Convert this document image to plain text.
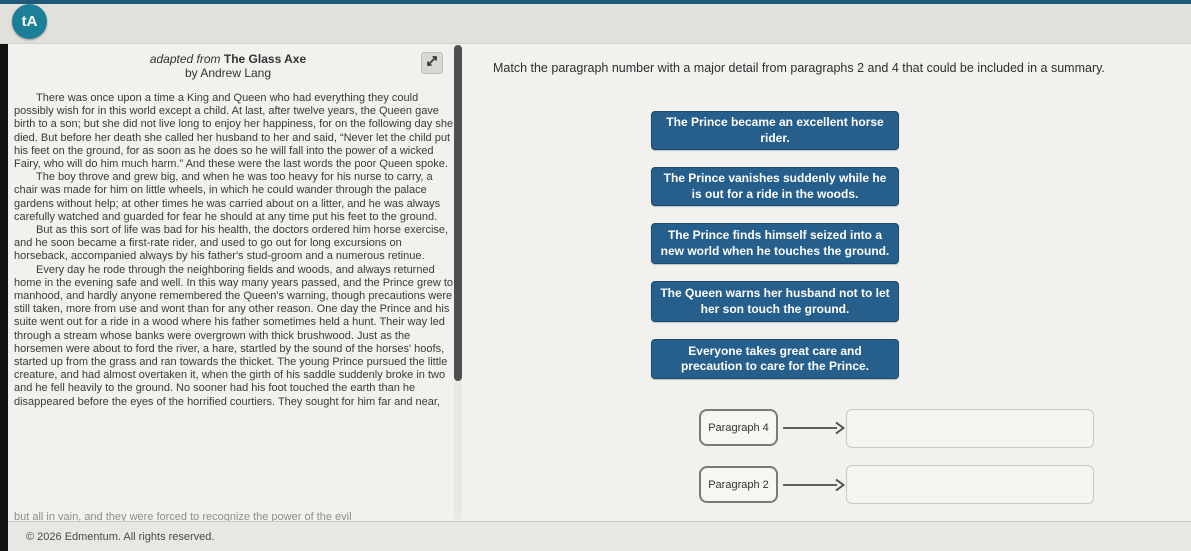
tA
adapted from The Glass Axe
by Andrew Lang

There was once upon a time a King and Queen who had everything they could possibly wish for in this world except a child. At last, after twelve years, the Queen gave birth to a son; but she did not live long to enjoy her happiness, for on the following day she died. But before her death she called her husband to her and said, “Never let the child put his feet on the ground, for as soon as he does so he will fall into the power of a wicked Fairy, who will do him much harm.” And these were the last words the poor Queen spoke.

The boy throve and grew big, and when he was too heavy for his nurse to carry, a chair was made for him on little wheels, in which he could wander through the palace gardens without help; at other times he was carried about on a litter, and he was always carefully watched and guarded for fear he should at any time put his feet to the ground.

But as this sort of life was bad for his health, the doctors ordered him horse exercise, and he soon became a first-rate rider, and used to go out for long excursions on horseback, accompanied always by his father's stud-groom and a numerous retinue.

Every day he rode through the neighboring fields and woods, and always returned home in the evening safe and well. In this way many years passed, and the Prince grew to manhood, and hardly anyone remembered the Queen's warning, though precautions were still taken, more from use and wont than for any other reason. One day the Prince and his suite went out for a ride in a wood where his father sometimes held a hunt. Their way led through a stream whose banks were overgrown with thick brushwood. Just as the horsemen were about to ford the river, a hare, startled by the sound of the horses' hoofs, started up from the grass and ran towards the thicket. The young Prince pursued the little creature, and had almost overtaken it, when the girth of his saddle suddenly broke in two and he fell heavily to the ground. No sooner had his foot touched the earth than he disappeared before the eyes of the horrified courtiers. They sought for him far and near,

but all in vain, and they were forced to recognize the power of the evil
Match the paragraph number with a major detail from paragraphs 2 and 4 that could be included in a summary.
The Prince became an excellent horse rider.
The Prince vanishes suddenly while he is out for a ride in the woods.
The Prince finds himself seized into a new world when he touches the ground.
The Queen warns her husband not to let her son touch the ground.
Everyone takes great care and precaution to care for the Prince.
Paragraph 4
Paragraph 2
© 2026 Edmentum. All rights reserved.
